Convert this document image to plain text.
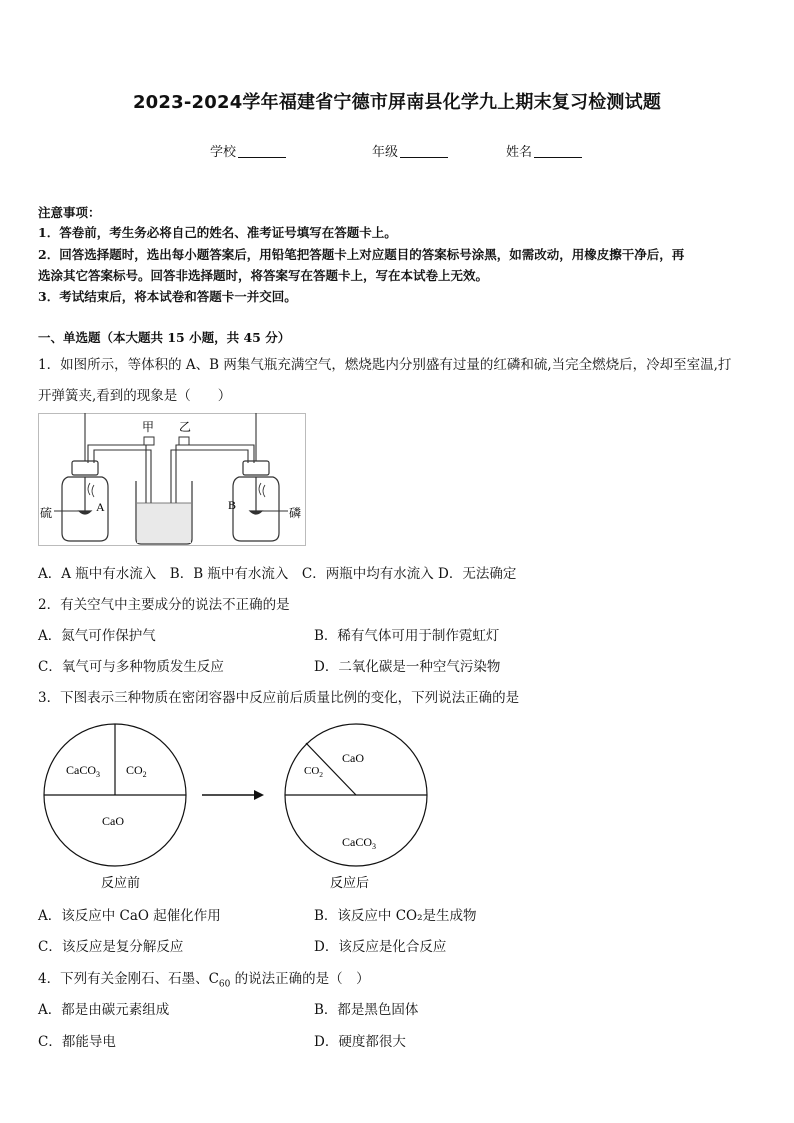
2023-2024学年福建省宁德市屏南县化学九上期末复习检测试题
学校	年级	姓名
注意事项：
1．答卷前，考生务必将自己的姓名、准考证号填写在答题卡上。
2．回答选择题时，选出每小题答案后，用铅笔把答题卡上对应题目的答案标号涂黑，如需改动，用橡皮擦干净后，再
选涂其它答案标号。回答非选择题时，将答案写在答题卡上，写在本试卷上无效。
3．考试结束后，将本试卷和答题卡一并交回。
一、单选题（本大题共 15 小题，共 45 分）
1．如图所示，等体积的 A、B 两集气瓶充满空气，燃烧匙内分别盛有过量的红磷和硫,当完全燃烧后，冷却至室温,打
开弹簧夹,看到的现象是（　　）
甲 乙
A	B
硫	磷
A．A 瓶中有水流入　B．B 瓶中有水流入　C．两瓶中均有水流入 D．无法确定
2．有关空气中主要成分的说法不正确的是
A．氮气可作保护气	B．稀有气体可用于制作霓虹灯
C．氧气可与多种物质发生反应	D．二氧化碳是一种空气污染物
3．下图表示三种物质在密闭容器中反应前后质量比例的变化，下列说法正确的是
CaCO$_3$ $CO_2$
CaO
CaO
$CO_2$
CaCO$_3$
反应前	反应后
A．该反应中 CaO 起催化作用	B．该反应中 CO₂是生成物
C．该反应是复分解反应	D．该反应是化合反应
4．下列有关金刚石、石墨、$C_{60}$ 的说法正确的是（　）
A．都是由碳元素组成	B．都是黑色固体
C．都能导电	D．硬度都很大
